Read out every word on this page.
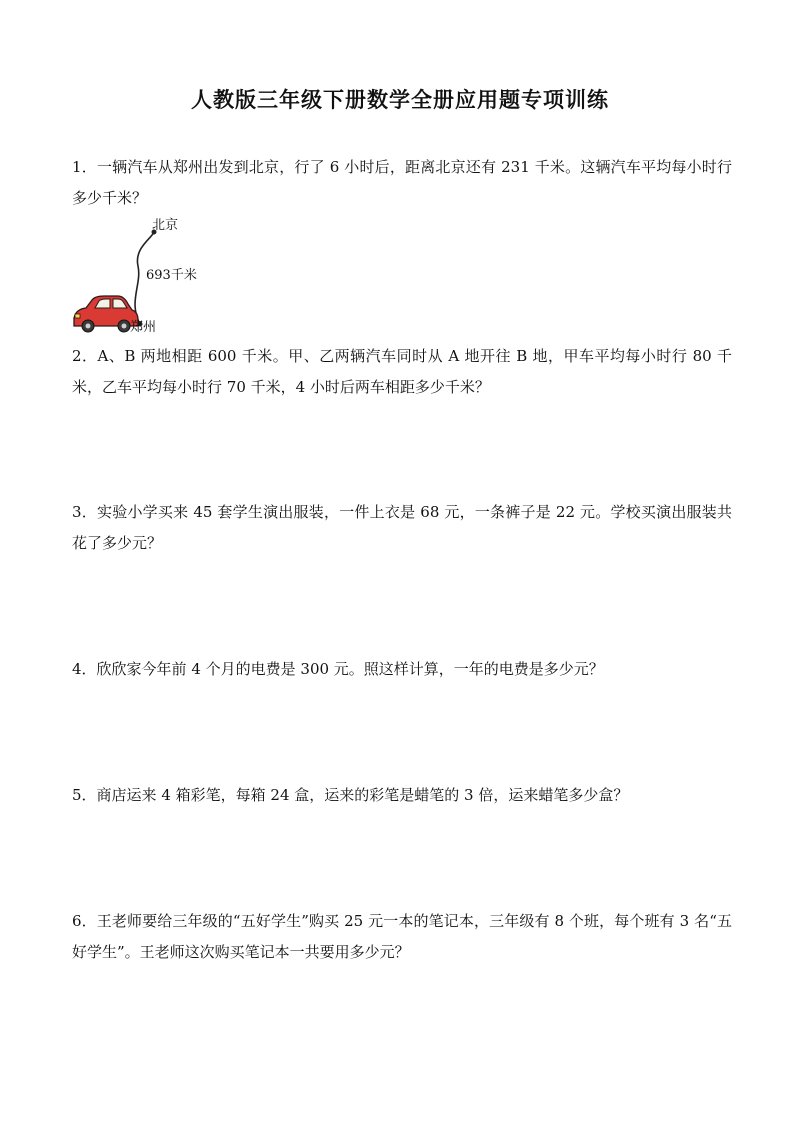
人教版三年级下册数学全册应用题专项训练
1．一辆汽车从郑州出发到北京，行了 6 小时后，距离北京还有 231 千米。这辆汽车平均每小时行多少千米？
北京
693千米
郑州
2．A、B 两地相距 600 千米。甲、乙两辆汽车同时从 A 地开往 B 地，甲车平均每小时行 80 千米，乙车平均每小时行 70 千米，4 小时后两车相距多少千米？
3．实验小学买来 45 套学生演出服装，一件上衣是 68 元，一条裤子是 22 元。学校买演出服装共花了多少元？
4．欣欣家今年前 4 个月的电费是 300 元。照这样计算，一年的电费是多少元？
5．商店运来 4 箱彩笔，每箱 24 盒，运来的彩笔是蜡笔的 3 倍，运来蜡笔多少盒？
6．王老师要给三年级的“五好学生”购买 25 元一本的笔记本，三年级有 8 个班，每个班有 3 名“五好学生”。王老师这次购买笔记本一共要用多少元？
